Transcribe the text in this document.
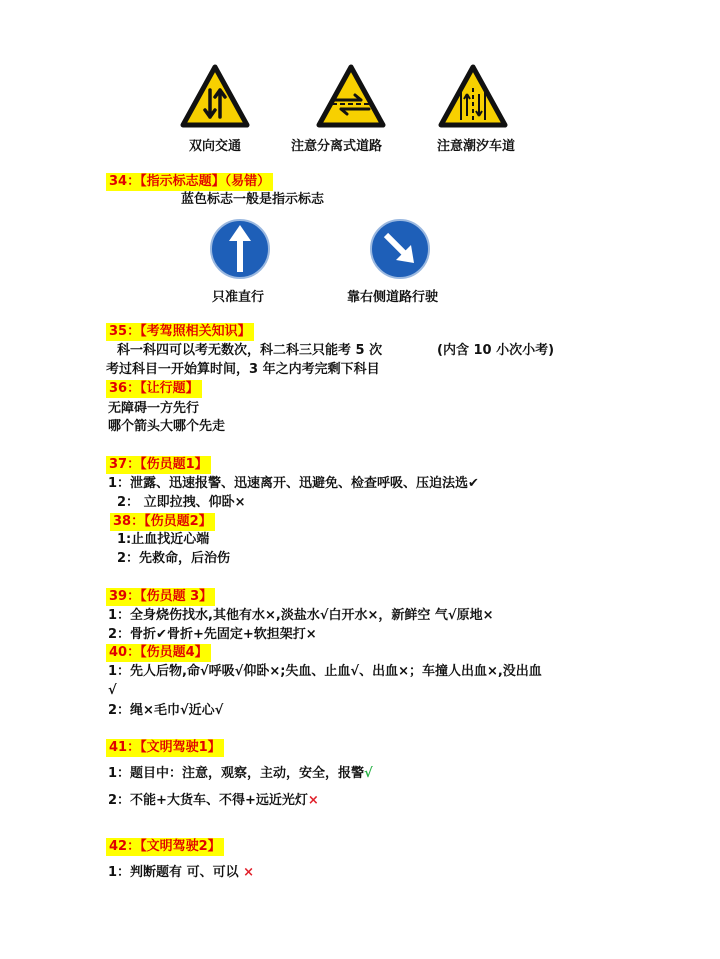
双向交通	注意分离式道路	注意潮汐车道
34：【指示标志题】（易错）
蓝色标志一般是指示标志
只准直行	靠右侧道路行驶
35：【考驾照相关知识】
科一科四可以考无数次，科二科三只能考 5 次	(内含 10 小次小考)
考过科目一开始算时间，3 年之内考完剩下科目
36：【让行题】
无障碍一方先行
哪个箭头大哪个先走
37：【伤员题1】
1：泄露、迅速报警、迅速离开、迅避免、检查呼吸、压迫法选✔
2： 立即拉拽、仰卧×
38：【伤员题2】
1:止血找近心端
2：先救命，后治伤
39：【伤员题 3】
1：全身烧伤找水,其他有水×,淡盐水√白开水×，新鲜空 气√原地×
2：骨折✔骨折+先固定+软担架打×
40：【伤员题4】
1：先人后物,命√呼吸√仰卧×;失血、止血√、出血×；车撞人出血×,没出血
√
2：绳×毛巾√近心√
41：【文明驾驶1】
1：题目中：注意，观察，主动，安全，报警√
2：不能+大货车、不得+远近光灯×
42：【文明驾驶2】
1：判断题有 可、可以 ×
